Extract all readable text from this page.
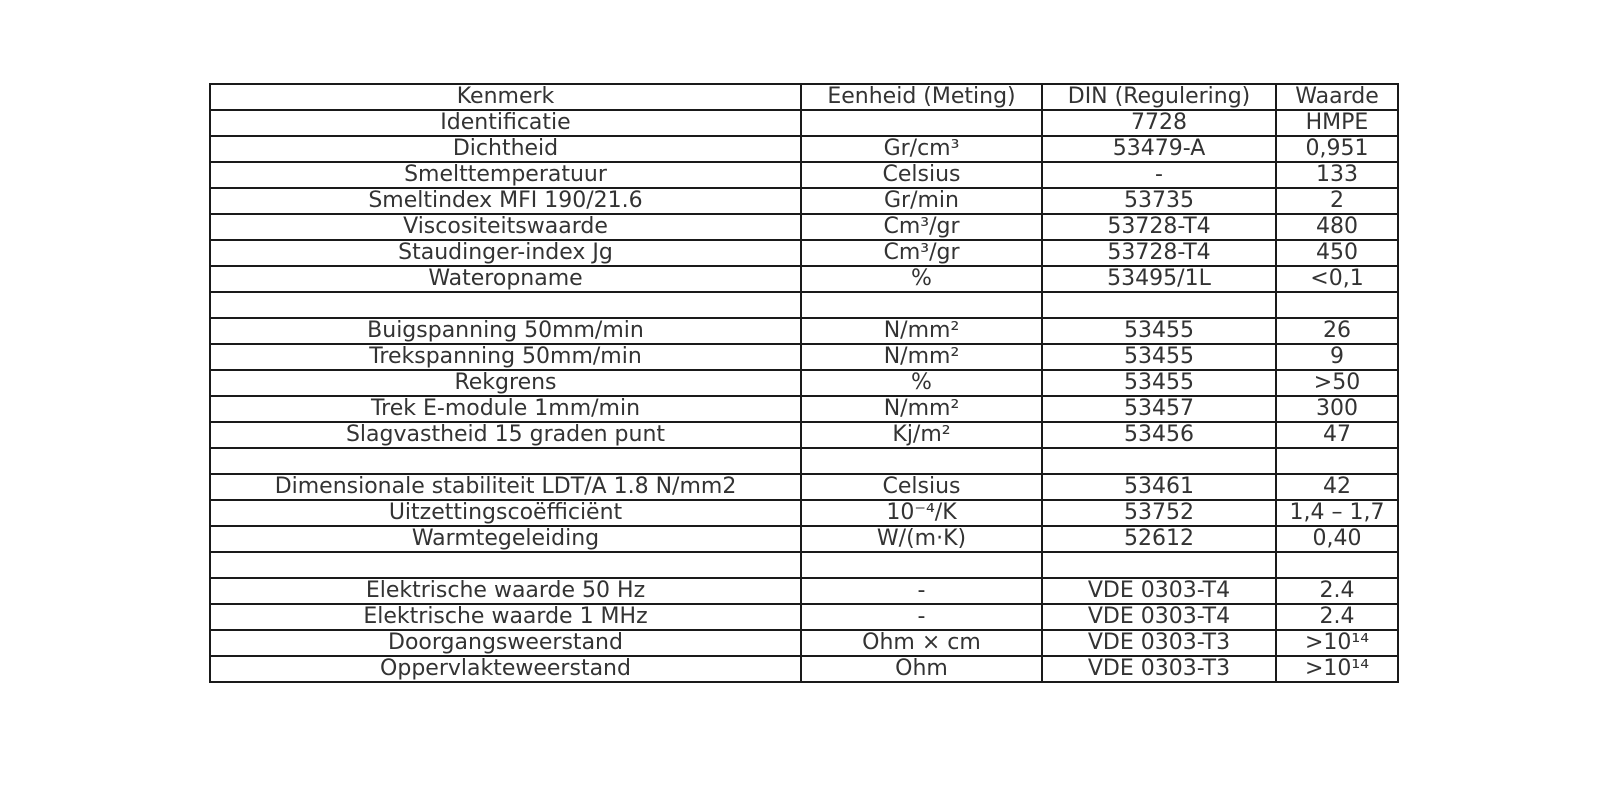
Kenmerk	Eenheid (Meting)	DIN (Regulering)	Waarde
Identificatie		7728	HMPE
Dichtheid	Gr/cm³	53479-A	0,951
Smelttemperatuur	Celsius	-	133
Smeltindex MFI 190/21.6	Gr/min	53735	2
Viscositeitswaarde	Cm³/gr	53728-T4	480
Staudinger-index Jg	Cm³/gr	53728-T4	450
Wateropname	%	53495/1L	<0,1

Buigspanning 50mm/min	N/mm²	53455	26
Trekspanning 50mm/min	N/mm²	53455	9
Rekgrens	%	53455	>50
Trek E-module 1mm/min	N/mm²	53457	300
Slagvastheid 15 graden punt	Kj/m²	53456	47

Dimensionale stabiliteit LDT/A 1.8 N/mm2	Celsius	53461	42
Uitzettingscoëfficiënt	10⁻⁴/K	53752	1,4 – 1,7
Warmtegeleiding	W/(m·K)	52612	0,40

Elektrische waarde 50 Hz	-	VDE 0303-T4	2.4
Elektrische waarde 1 MHz	-	VDE 0303-T4	2.4
Doorgangsweerstand	Ohm × cm	VDE 0303-T3	>10¹⁴
Oppervlakteweerstand	Ohm	VDE 0303-T3	>10¹⁴
